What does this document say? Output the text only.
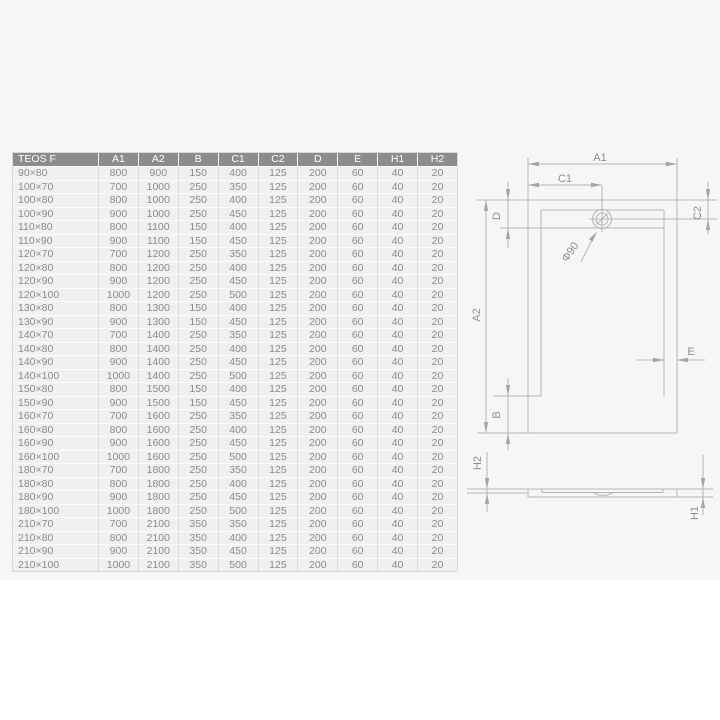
TEOS F	A1	A2	B	C1	C2	D	E	H1	H2
90×80	800	900	150	400	125	200	60	40	20
100×70	700	1000	250	350	125	200	60	40	20
100×80	800	1000	250	400	125	200	60	40	20
100×90	900	1000	250	450	125	200	60	40	20
110×80	800	1100	150	400	125	200	60	40	20
110×90	900	1100	150	450	125	200	60	40	20
120×70	700	1200	250	350	125	200	60	40	20
120×80	800	1200	250	400	125	200	60	40	20
120×90	900	1200	250	450	125	200	60	40	20
120×100	1000	1200	250	500	125	200	60	40	20
130×80	800	1300	150	400	125	200	60	40	20
130×90	900	1300	150	450	125	200	60	40	20
140×70	700	1400	250	350	125	200	60	40	20
140×80	800	1400	250	400	125	200	60	40	20
140×90	900	1400	250	450	125	200	60	40	20
140×100	1000	1400	250	500	125	200	60	40	20
150×80	800	1500	150	400	125	200	60	40	20
150×90	900	1500	150	450	125	200	60	40	20
160×70	700	1600	250	350	125	200	60	40	20
160×80	800	1600	250	400	125	200	60	40	20
160×90	900	1600	250	450	125	200	60	40	20
160×100	1000	1600	250	500	125	200	60	40	20
180×70	700	1800	250	350	125	200	60	40	20
180×80	800	1800	250	400	125	200	60	40	20
180×90	900	1800	250	450	125	200	60	40	20
180×100	1000	1800	250	500	125	200	60	40	20
210×70	700	2100	350	350	125	200	60	40	20
210×80	800	2100	350	400	125	200	60	40	20
210×90	900	2100	350	450	125	200	60	40	20
210×100	1000	2100	350	500	125	200	60	40	20
A1
C1
C2
D
A2
E
B
H2
H1
Φ90
